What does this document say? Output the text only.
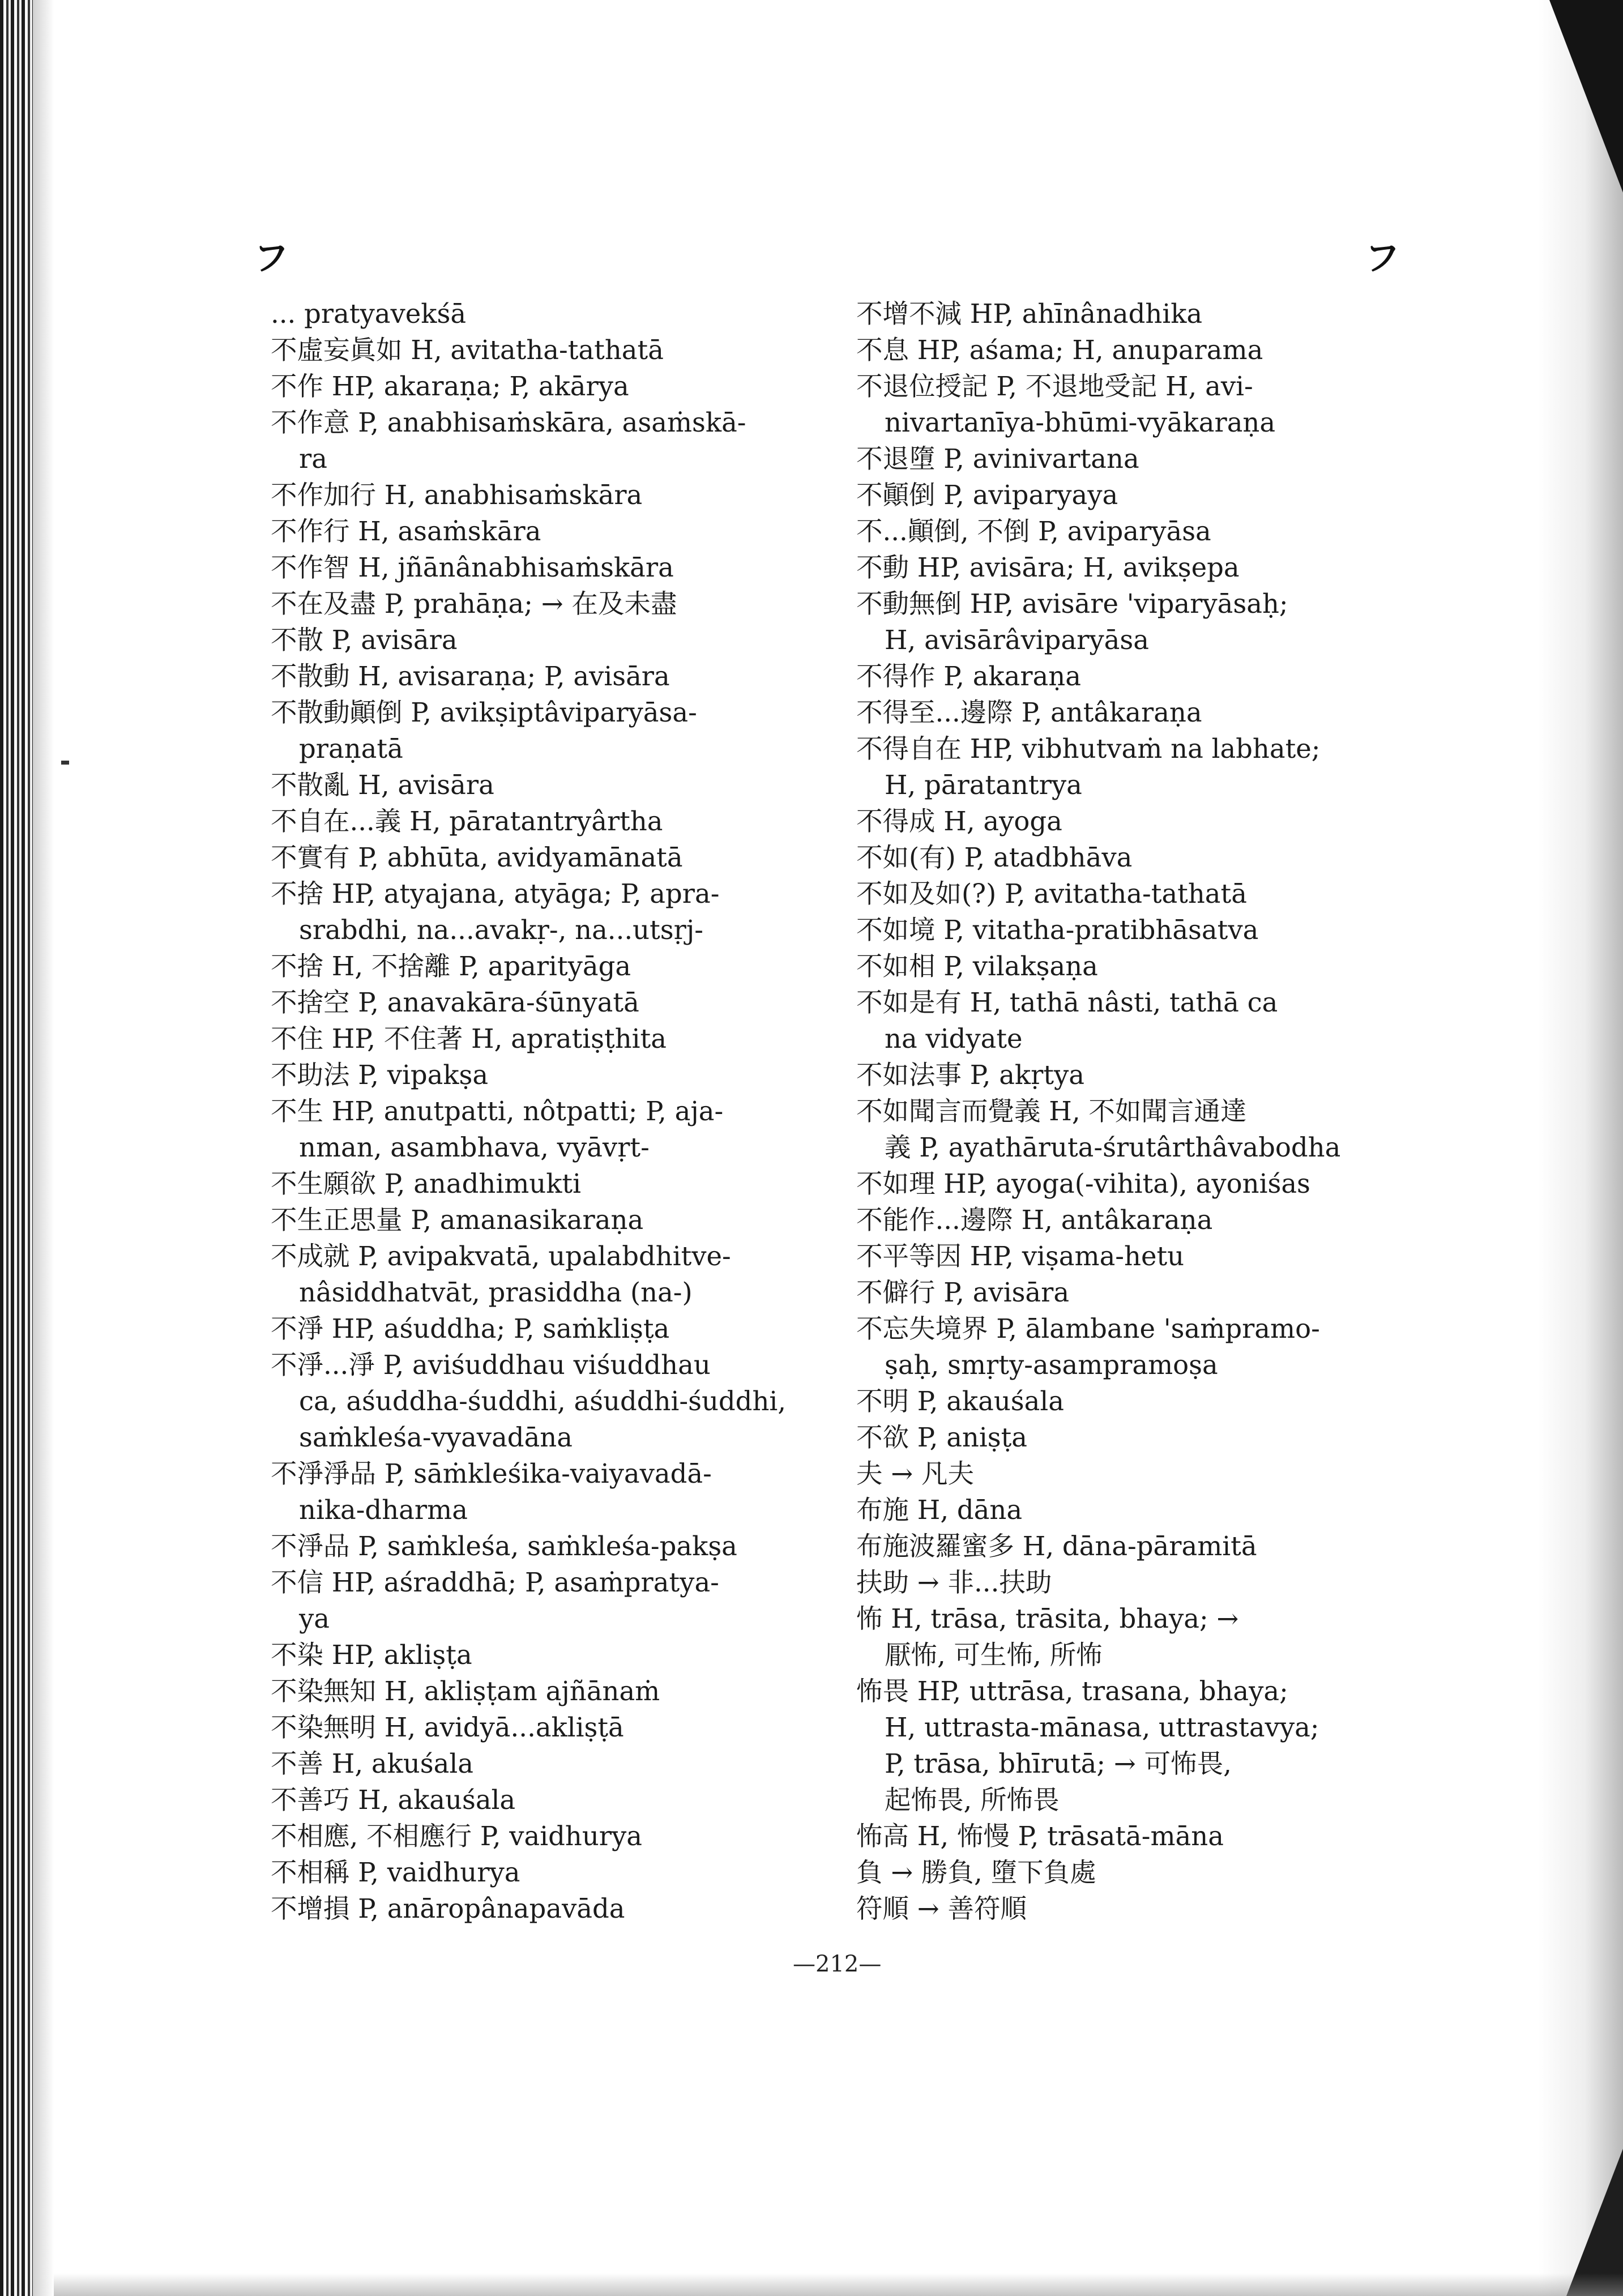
フ	フ
... pratyavekśā
不虛妄眞如 H, avitatha-tathatā
不作 HP, akaraṇa; P, akārya
不作意 P, anabhisaṁskāra, asaṁskā-
ra
不作加行 H, anabhisaṁskāra
不作行 H, asaṁskāra
不作智 H, jñānânabhisaṁskāra
不在及盡 P, prahāṇa; → 在及未盡
不散 P, avisāra
不散動 H, avisaraṇa; P, avisāra
不散動顚倒 P, avikṣiptâviparyāsa-
praṇatā
不散亂 H, avisāra
不自在...義 H, pāratantryârtha
不實有 P, abhūta, avidyamānatā
不捨 HP, atyajana, atyāga; P, apra-
srabdhi, na...avakṛ-, na...utsṛj-
不捨 H, 不捨離 P, aparityāga
不捨空 P, anavakāra-śūnyatā
不住 HP, 不住著 H, apratiṣṭhita
不助法 P, vipakṣa
不生 HP, anutpatti, nôtpatti; P, aja-
nman, asambhava, vyāvṛt-
不生願欲 P, anadhimukti
不生正思量 P, amanasikaraṇa
不成就 P, avipakvatā, upalabdhitve-
nâsiddhatvāt, prasiddha (na-)
不淨 HP, aśuddha; P, saṁkliṣṭa
不淨...淨 P, aviśuddhau viśuddhau
ca, aśuddha-śuddhi, aśuddhi-śuddhi,
saṁkleśa-vyavadāna
不淨淨品 P, sāṁkleśika-vaiyavadā-
nika-dharma
不淨品 P, saṁkleśa, saṁkleśa-pakṣa
不信 HP, aśraddhā; P, asaṁpratya-
ya
不染 HP, akliṣṭa
不染無知 H, akliṣṭam ajñānaṁ
不染無明 H, avidyā...akliṣṭā
不善 H, akuśala
不善巧 H, akauśala
不相應, 不相應行 P, vaidhurya
不相稱 P, vaidhurya
不增損 P, anāropânapavāda
不增不減 HP, ahīnânadhika
不息 HP, aśama; H, anuparama
不退位授記 P, 不退地受記 H, avi-
nivartanīya-bhūmi-vyākaraṇa
不退墮 P, avinivartana
不顚倒 P, aviparyaya
不...顚倒, 不倒 P, aviparyāsa
不動 HP, avisāra; H, avikṣepa
不動無倒 HP, avisāre 'viparyāsaḥ;
H, avisārâviparyāsa
不得作 P, akaraṇa
不得至...邊際 P, antâkaraṇa
不得自在 HP, vibhutvaṁ na labhate;
H, pāratantrya
不得成 H, ayoga
不如(有) P, atadbhāva
不如及如(?) P, avitatha-tathatā
不如境 P, vitatha-pratibhāsatva
不如相 P, vilakṣaṇa
不如是有 H, tathā nâsti, tathā ca
na vidyate
不如法事 P, akṛtya
不如聞言而覺義 H, 不如聞言通達
義 P, ayathāruta-śrutârthâvabodha
不如理 HP, ayoga(-vihita), ayoniśas
不能作...邊際 H, antâkaraṇa
不平等因 HP, viṣama-hetu
不僻行 P, avisāra
不忘失境界 P, ālambane 'saṁpramo-
ṣaḥ, smṛty-asampramoṣa
不明 P, akauśala
不欲 P, aniṣṭa
夫 → 凡夫
布施 H, dāna
布施波羅蜜多 H, dāna-pāramitā
扶助 → 非...扶助
怖 H, trāsa, trāsita, bhaya; →
厭怖, 可生怖, 所怖
怖畏 HP, uttrāsa, trasana, bhaya;
H, uttrasta-mānasa, uttrastavya;
P, trāsa, bhīrutā; → 可怖畏,
起怖畏, 所怖畏
怖高 H, 怖慢 P, trāsatā-māna
負 → 勝負, 墮下負處
符順 → 善符順
—212—
